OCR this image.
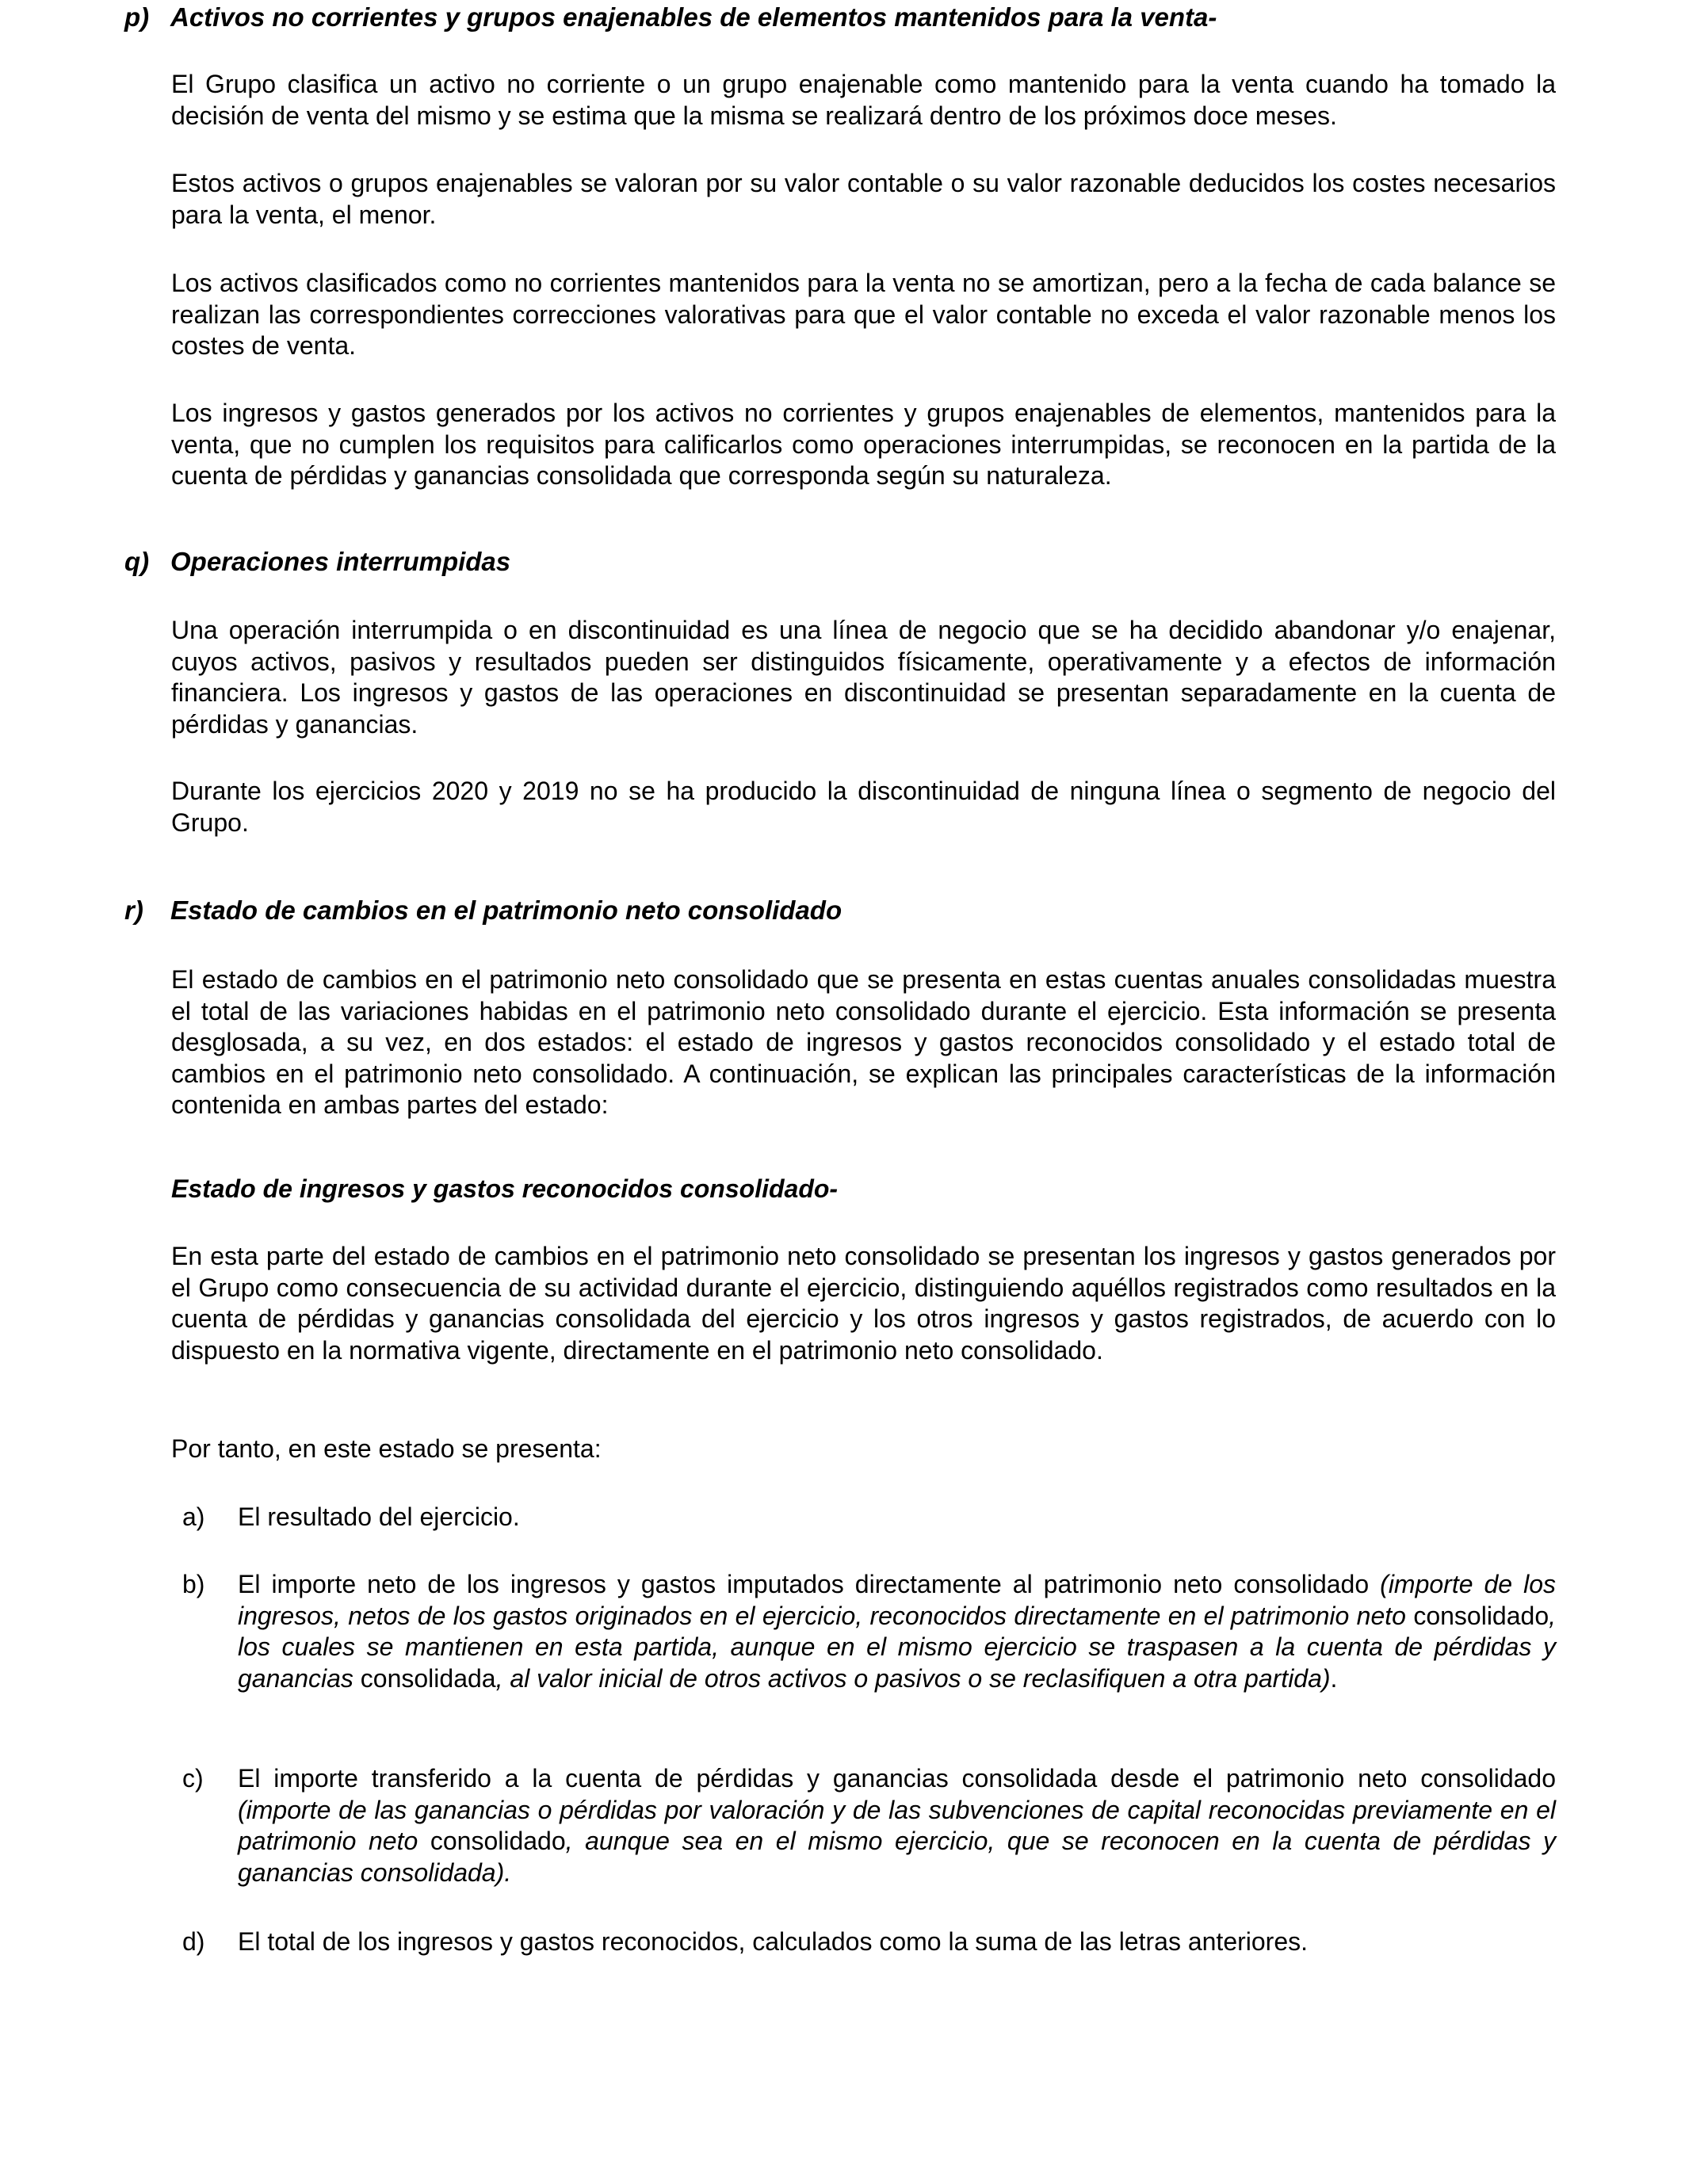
p) Activos no corrientes y grupos enajenables de elementos mantenidos para la venta-

El Grupo clasifica un activo no corriente o un grupo enajenable como mantenido para la venta cuando ha tomado la decisión de venta del mismo y se estima que la misma se realizará dentro de los próximos doce meses.

Estos activos o grupos enajenables se valoran por su valor contable o su valor razonable deducidos los costes necesarios para la venta, el menor.

Los activos clasificados como no corrientes mantenidos para la venta no se amortizan, pero a la fecha de cada balance se realizan las correspondientes correcciones valorativas para que el valor contable no exceda el valor razonable menos los costes de venta.

Los ingresos y gastos generados por los activos no corrientes y grupos enajenables de elementos, mantenidos para la venta, que no cumplen los requisitos para calificarlos como operaciones interrumpidas, se reconocen en la partida de la cuenta de pérdidas y ganancias consolidada que corresponda según su naturaleza.

q) Operaciones interrumpidas

Una operación interrumpida o en discontinuidad es una línea de negocio que se ha decidido abandonar y/o enajenar, cuyos activos, pasivos y resultados pueden ser distinguidos físicamente, operativamente y a efectos de información financiera. Los ingresos y gastos de las operaciones en discontinuidad se presentan separadamente en la cuenta de pérdidas y ganancias.

Durante los ejercicios 2020 y 2019 no se ha producido la discontinuidad de ninguna línea o segmento de negocio del Grupo.

r) Estado de cambios en el patrimonio neto consolidado

El estado de cambios en el patrimonio neto consolidado que se presenta en estas cuentas anuales consolidadas muestra el total de las variaciones habidas en el patrimonio neto consolidado durante el ejercicio. Esta información se presenta desglosada, a su vez, en dos estados: el estado de ingresos y gastos reconocidos consolidado y el estado total de cambios en el patrimonio neto consolidado. A continuación, se explican las principales características de la información contenida en ambas partes del estado:

Estado de ingresos y gastos reconocidos consolidado-

En esta parte del estado de cambios en el patrimonio neto consolidado se presentan los ingresos y gastos generados por el Grupo como consecuencia de su actividad durante el ejercicio, distinguiendo aquéllos registrados como resultados en la cuenta de pérdidas y ganancias consolidada del ejercicio y los otros ingresos y gastos registrados, de acuerdo con lo dispuesto en la normativa vigente, directamente en el patrimonio neto consolidado.

Por tanto, en este estado se presenta:

a) El resultado del ejercicio.
b) El importe neto de los ingresos y gastos imputados directamente al patrimonio neto consolidado (importe de los ingresos, netos de los gastos originados en el ejercicio, reconocidos directamente en el patrimonio neto consolidado, los cuales se mantienen en esta partida, aunque en el mismo ejercicio se traspasen a la cuenta de pérdidas y ganancias consolidada, al valor inicial de otros activos o pasivos o se reclasifiquen a otra partida).
c) El importe transferido a la cuenta de pérdidas y ganancias consolidada desde el patrimonio neto consolidado (importe de las ganancias o pérdidas por valoración y de las subvenciones de capital reconocidas previamente en el patrimonio neto consolidado, aunque sea en el mismo ejercicio, que se reconocen en la cuenta de pérdidas y ganancias consolidada).
d) El total de los ingresos y gastos reconocidos, calculados como la suma de las letras anteriores.
